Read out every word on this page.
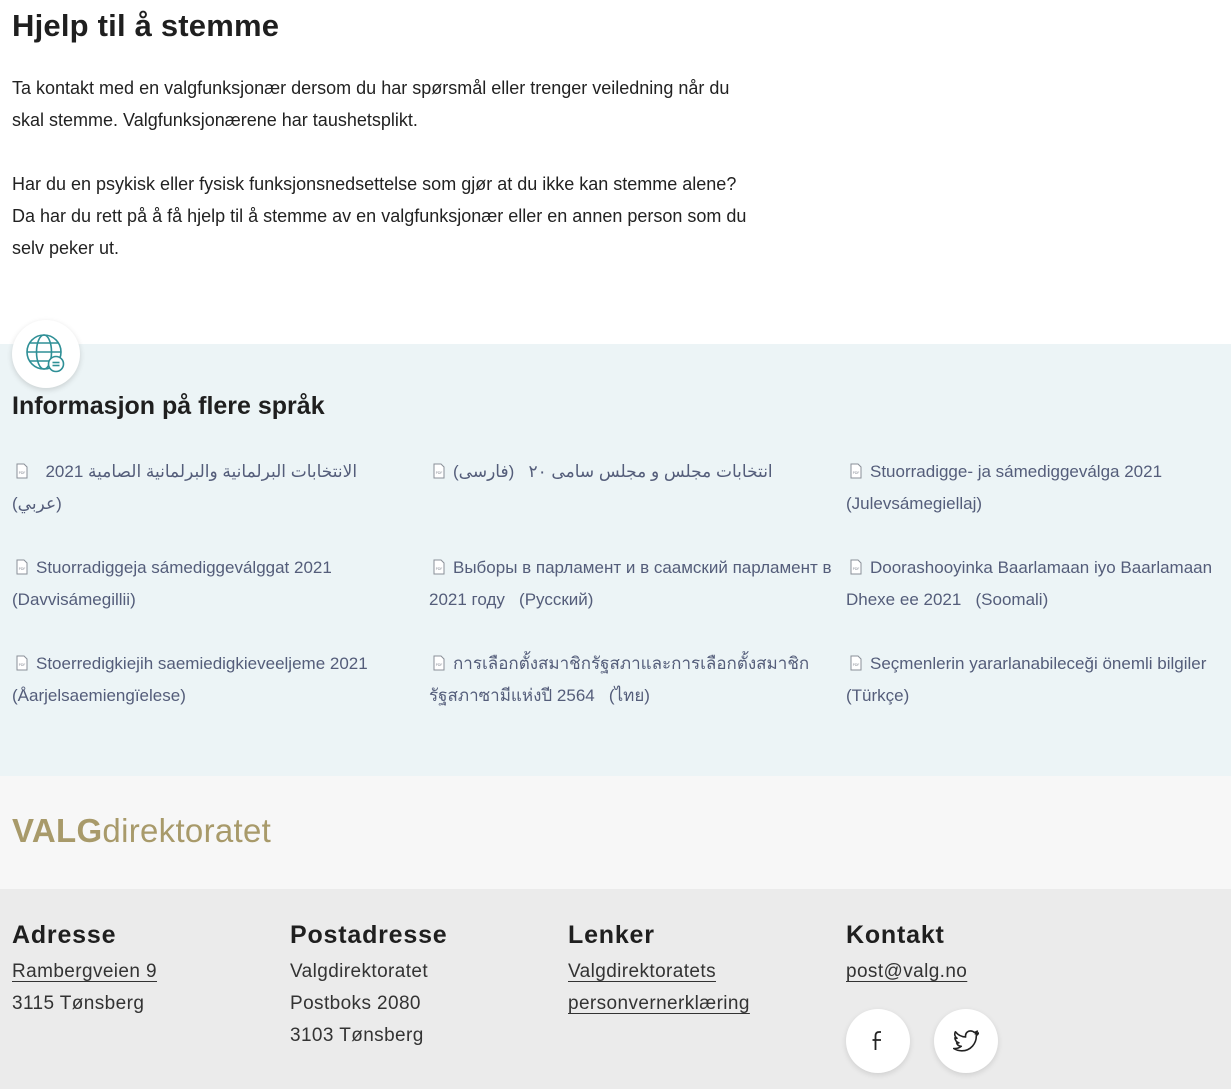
Hjelp til å stemme

Ta kontakt med en valgfunksjonær dersom du har spørsmål eller trenger veiledning når du skal stemme. Valgfunksjonærene har taushetsplikt.

Har du en psykisk eller fysisk funksjonsnedsettelse som gjør at du ikke kan stemme alene? Da har du rett på å få hjelp til å stemme av en valgfunksjonær eller en annen person som du selv peker ut.

Informasjon på flere språk
PDF الانتخابات البرلمانية والبرلمانية الصامية 2021   (عربي)
PDF	انتخابات مجلس و مجلس سامی ۲۰   (فارسی)	PDF Stuorradigge- ja sámediggeválga 2021   (Julevsámegiellaj)
PDF Stuorradiggeja sámediggeválggat 2021   (Davvisámegillii)
PDF Выборы в парламент и в саамский парламент в 2021 году (Русский)
PDF Doorashooyinka Baarlamaan iyo Baarlamaan Dhexe ee 2021 (Soomali)
PDF Stoerredigkiejih saemiedigkieveeljeme 2021   (Åarjelsaemiengïelese)
PDF การเลือกตั้งสมาชิกรัฐสภาและการเลือกตั้งสมาชิก รัฐสภาซามีแห่งปี 2564 (ไทย)
PDF Seçmenlerin yararlanabileceği önemli bilgiler   (Türkçe)
VALGdirektoratet
Adresse
Rambergveien 9
3115 Tønsberg
Postadresse
Valgdirektoratet
Postboks 2080
3103 Tønsberg
Lenker
Valgdirektoratets
personvernerklæring
Kontakt
post@valg.no
